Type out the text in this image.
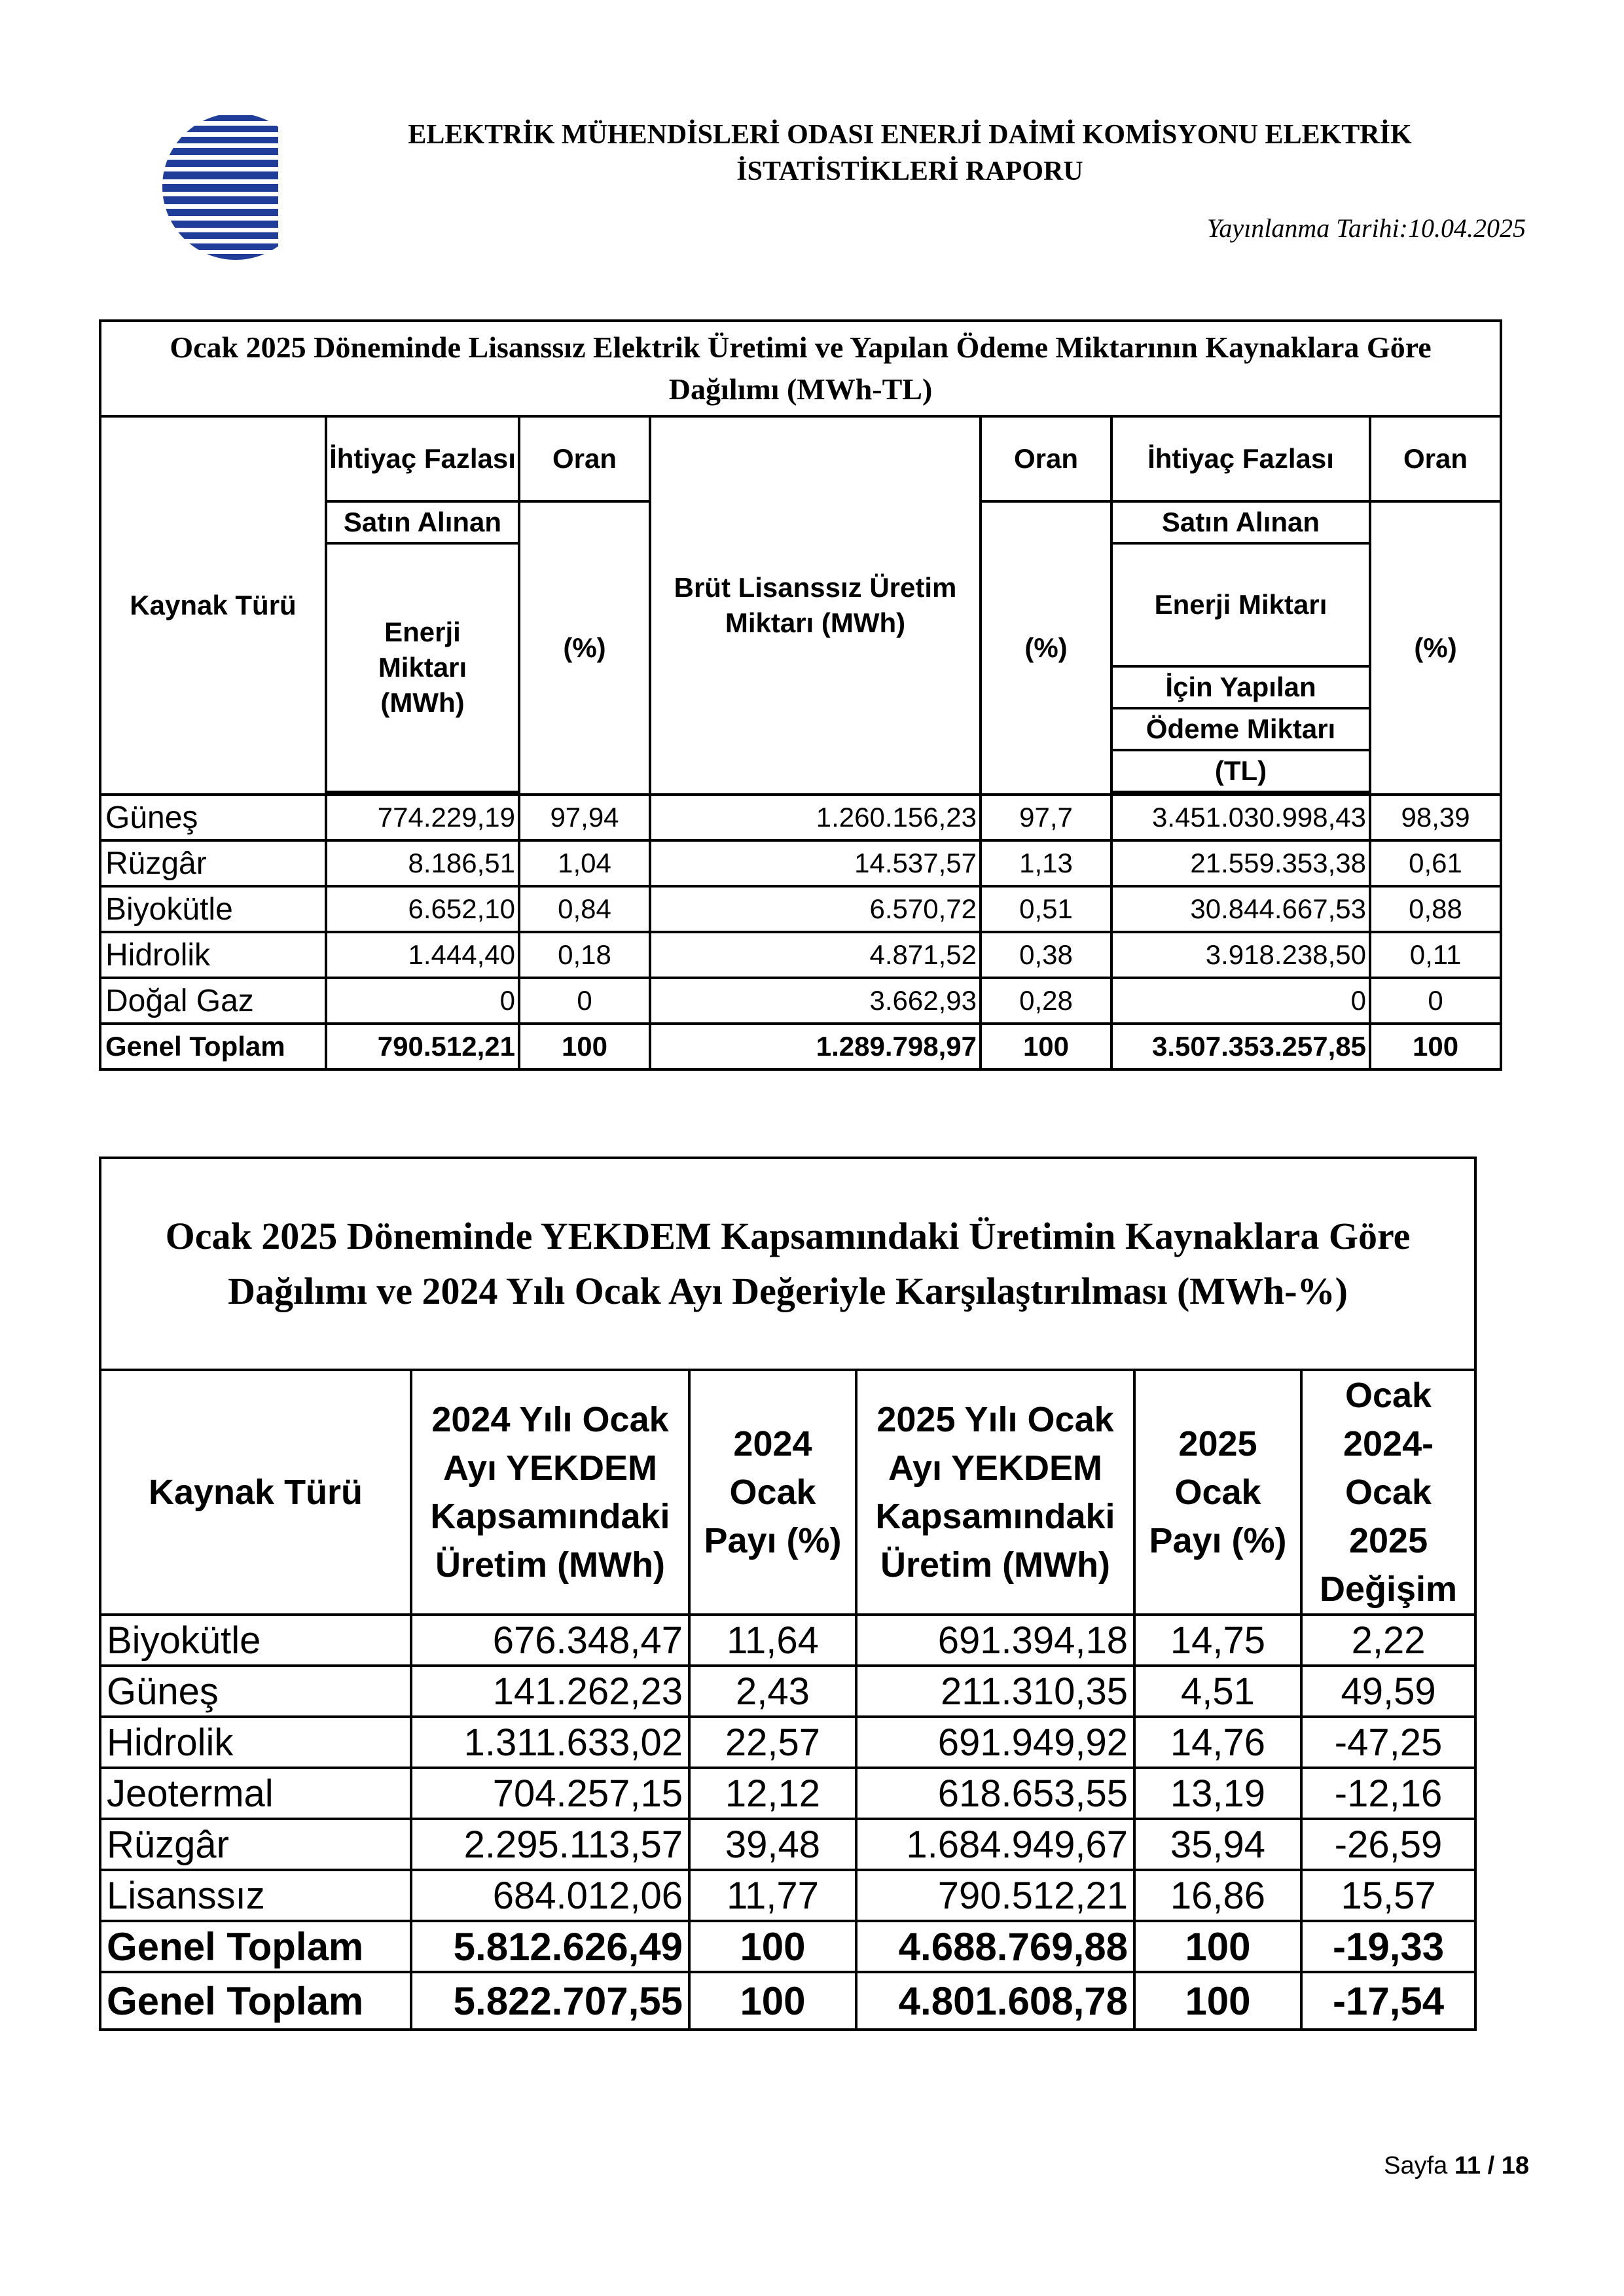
ELEKTRİK MÜHENDİSLERİ ODASI ENERJİ DAİMİ KOMİSYONU ELEKTRİK
İSTATİSTİKLERİ RAPORU
Yayınlanma Tarihi:10.04.2025
Ocak 2025 Döneminde Lisanssız Elektrik Üretimi ve Yapılan Ödeme Miktarının Kaynaklara Göre Dağılımı (MWh-TL)						
Kaynak Türü	İhtiyaç Fazlası	Oran	Brüt Lisanssız Üretim Miktarı (MWh)	Oran	İhtiyaç Fazlası	Oran
	Satın Alınan	(%)		(%)	Satın Alınan	(%)
	Enerji Miktarı (MWh)				Enerji Miktarı	
					İçin Yapılan	
					Ödeme Miktarı	
					(TL)	

Güneş	774.229,19	97,94	1.260.156,23	97,7	3.451.030.998,43	98,39
Rüzgâr	8.186,51	1,04	14.537,57	1,13	21.559.353,38	0,61
Biyokütle	6.652,10	0,84	6.570,72	0,51	30.844.667,53	0,88
Hidrolik	1.444,40	0,18	4.871,52	0,38	3.918.238,50	0,11
Doğal Gaz	0	0	3.662,93	0,28	0	0
Genel Toplam	790.512,21	100	1.289.798,97	100	3.507.353.257,85	100
Ocak 2025 Döneminde YEKDEM Kapsamındaki Üretimin Kaynaklara Göre
Dağılımı ve 2024 Yılı Ocak Ayı Değeriyle Karşılaştırılması (MWh-%)					

Kaynak Türü	2024 Yılı Ocak Ayı YEKDEM Kapsamındaki Üretim (MWh)	2024 Ocak Payı (%)	2025 Yılı Ocak Ayı YEKDEM Kapsamındaki Üretim (MWh)	2025 Ocak Payı (%)	Ocak 2024- Ocak 2025 Değişim
Biyokütle	676.348,47	11,64	691.394,18	14,75	2,22
Güneş	141.262,23	2,43	211.310,35	4,51	49,59
Hidrolik	1.311.633,02	22,57	691.949,92	14,76	-47,25
Jeotermal	704.257,15	12,12	618.653,55	13,19	-12,16
Rüzgâr	2.295.113,57	39,48	1.684.949,67	35,94	-26,59
Lisanssız	684.012,06	11,77	790.512,21	16,86	15,57
Genel Toplam	5.812.626,49	100	4.688.769,88	100	-19,33
Genel Toplam	5.822.707,55	100	4.801.608,78	100	-17,54
Sayfa 11 / 18
